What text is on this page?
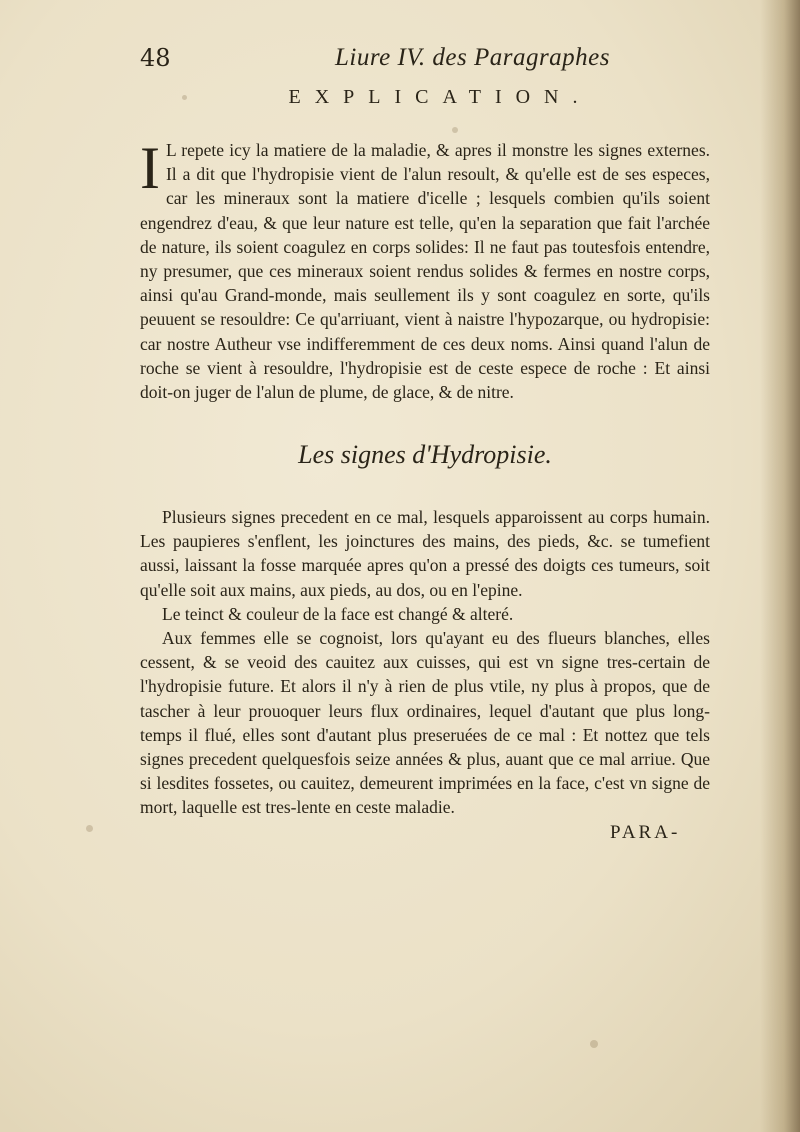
48	Liure IV. des Paragraphes
EXPLICATION.

I L repete icy la matiere de la maladie, & apres il monstre les signes externes. Il a dit que l'hydropisie vient de l'alun resoult, & qu'elle est de ses especes, car les mineraux sont la matiere d'icelle ; lesquels combien qu'ils soient engendrez d'eau, & que leur nature est telle, qu'en la separation que fait l'archée de nature, ils soient coagulez en corps solides: Il ne faut pas toutesfois entendre, ny presumer, que ces mineraux soient rendus solides & fermes en nostre corps, ainsi qu'au Grand-monde, mais seullement ils y sont coagulez en sorte, qu'ils peuuent se resouldre: Ce qu'arriuant, vient à naistre l'hypozarque, ou hydropisie: car nostre Autheur vse indifferemment de ces deux noms. Ainsi quand l'alun de roche se vient à resouldre, l'hydropisie est de ceste espece de roche : Et ainsi doit-on juger de l'alun de plume, de glace, & de nitre.

Les signes d'Hydropisie.

Plusieurs signes precedent en ce mal, lesquels apparoissent au corps humain. Les paupieres s'enflent, les joinctures des mains, des pieds, &c. se tumefient aussi, laissant la fosse marquée apres qu'on a pressé des doigts ces tumeurs, soit qu'elle soit aux mains, aux pieds, au dos, ou en l'epine.

Le teinct & couleur de la face est changé & alteré.

Aux femmes elle se cognoist, lors qu'ayant eu des flueurs blanches, elles cessent, & se veoid des cauitez aux cuisses, qui est vn signe tres-certain de l'hydropisie future. Et alors il n'y à rien de plus vtile, ny plus à propos, que de tascher à leur prouoquer leurs flux ordinaires, lequel d'autant que plus long-temps il flué, elles sont d'autant plus preseruées de ce mal : Et nottez que tels signes precedent quelquesfois seize années & plus, auant que ce mal arriue. Que si lesdites fossetes, ou cauitez, demeurent imprimées en la face, c'est vn signe de mort, laquelle est tres-lente en ceste maladie.

PARA-
